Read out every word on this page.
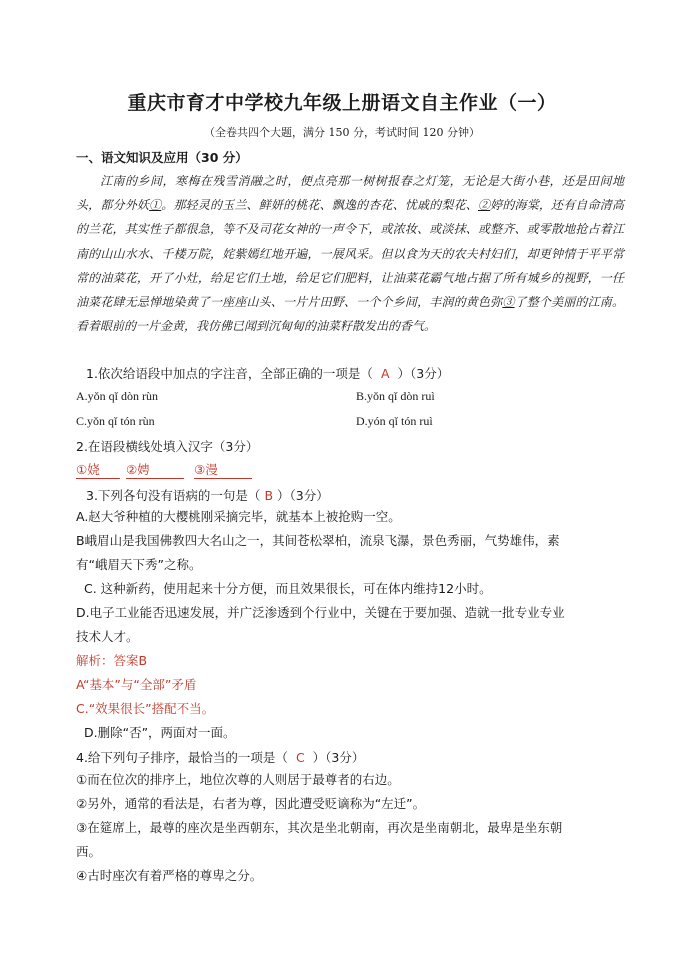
重庆市育才中学校九年级上册语文自主作业（一）
（全卷共四个大题，满分 150 分，考试时间 120 分钟）
一、语文知识及应用（30 分）

江南的乡间，寒梅在残雪消融之时，便点亮那一树树报春之灯笼，无论是大街小巷，还是田间地头，都分外妖①。那轻灵的玉兰、鲜妍的桃花、飘逸的杏花、忧戚的梨花、②婷的海棠，还有自命清高的兰花，其实性子都很急，等不及司花女神的一声令下，或浓妆、或淡抹、或整齐、或零散地抢占着江南的山山水水、千楼万院，姹紫嫣红地开遍，一展风采。但以食为天的农夫村妇们，却更钟情于平平常常的油菜花，开了小灶，给足它们土地，给足它们肥料，让油菜花霸气地占据了所有城乡的视野，一任油菜花肆无忌惮地染黄了一座座山头、一片片田野、一个个乡间，丰润的黄色弥③了整个美丽的江南。看着眼前的一片金黄，我仿佛已闻到沉甸甸的油菜籽散发出的香气。

1.依次给语段中加点的字注音，全部正确的一项是（ A ）（3分）
A.yǒn qǐ dòn rùn	B.yǒn qǐ dòn ruì
C.yǒn qǐ tón rùn	D.yón qǐ tón ruì
2.在语段横线处填入汉字（3分）
①娆 ②娉	③漫
3.下列各句没有语病的一句是（ B ）（3分）

A.赵大爷种植的大樱桃刚采摘完毕，就基本上被抢购一空。

B峨眉山是我国佛教四大名山之一，其间苍松翠柏，流泉飞瀑，景色秀丽，气势雄伟，素

有“峨眉天下秀”之称。

C. 这种新药，使用起来十分方便，而且效果很长，可在体内维持12小时。

D.电子工业能否迅速发展，并广泛渗透到个行业中，关键在于要加强、造就一批专业专业

技术人才。

解析：答案B

A“基本”与“全部”矛盾

C.“效果很长”搭配不当。

D.删除“否”，两面对一面。

4.给下列句子排序，最恰当的一项是（ C ）（3分）

①而在位次的排序上，地位次尊的人则居于最尊者的右边。

②另外，通常的看法是，右者为尊，因此遭受贬谪称为“左迁”。

③在筵席上，最尊的座次是坐西朝东，其次是坐北朝南，再次是坐南朝北，最卑是坐东朝

西。

④古时座次有着严格的尊卑之分。
